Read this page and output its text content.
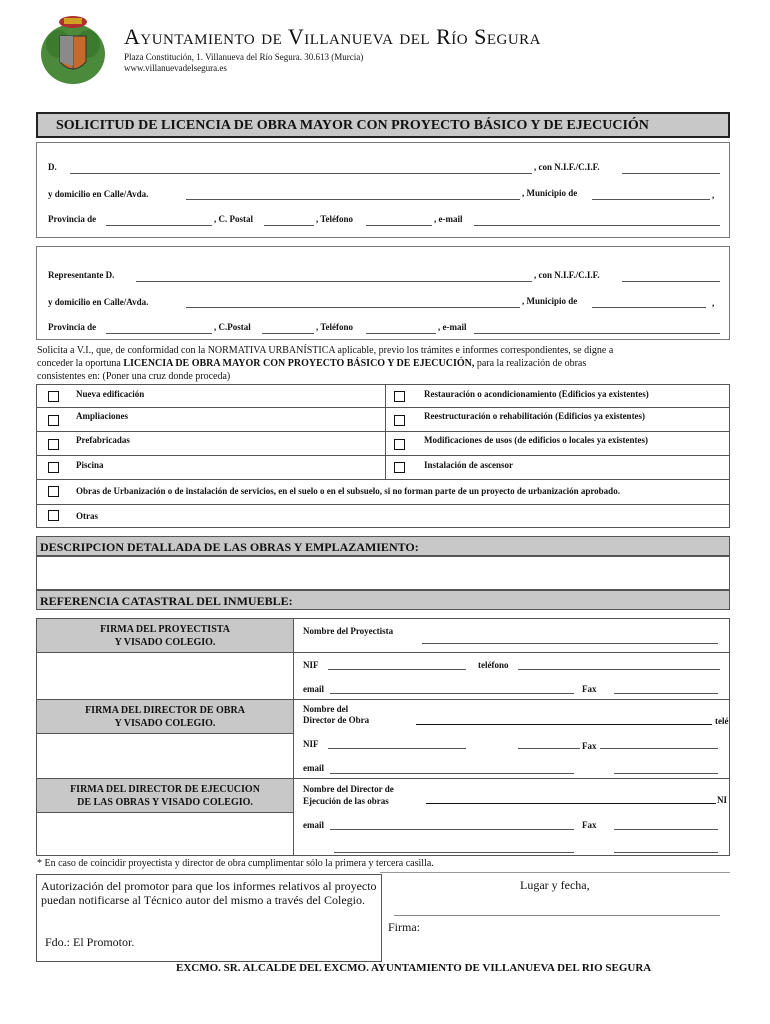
Ayuntamiento de Villanueva del Río Segura
Plaza Constitución, 1. Villanueva del Río Segura. 30.613 (Murcia)
www.villanuevadelsegura.es
SOLICITUD DE LICENCIA DE OBRA MAYOR CON PROYECTO BÁSICO Y DE EJECUCIÓN
D.	, con N.I.F./C.I.F.
y domicilio en Calle/Avda.	, Municipio de	,
Provincia de	, C. Postal	, Teléfono	, e-mail
Representante D.	, con N.I.F./C.I.F.
y domicilio en Calle/Avda.	, Municipio de	,
Provincia de	, C.Postal	, Teléfono	, e-mail
Solicita a V.I., que, de conformidad con la NORMATIVA URBANÍSTICA aplicable, previo los trámites e informes correspondientes, se digne a
conceder la oportuna LICENCIA DE OBRA MAYOR CON PROYECTO BÁSICO Y DE EJECUCIÓN, para la realización de obras
consistentes en: (Poner una cruz donde proceda)
Nueva edificación	Restauración o acondicionamiento (Edificios ya existentes)
Ampliaciones	Reestructuración o rehabilitación (Edificios ya existentes)
Prefabricadas	Modificaciones de usos (de edificios o locales ya existentes)
Piscina	Instalación de ascensor
Obras de Urbanización o de instalación de servicios, en el suelo o en el subsuelo, si no forman parte de un proyecto de urbanización aprobado.
Otras
DESCRIPCION DETALLADA DE LAS OBRAS Y EMPLAZAMIENTO:
REFERENCIA CATASTRAL DEL INMUEBLE:
FIRMA DEL PROYECTISTA
Y VISADO COLEGIO.
Nombre del Proyectista
NIF	teléfono
email	Fax
FIRMA DEL DIRECTOR DE OBRA
Y VISADO COLEGIO.
Nombre del
Director de Obra	telé
NIF	Fax
email
FIRMA DEL DIRECTOR DE EJECUCION
DE LAS OBRAS Y VISADO COLEGIO.
Nombre del Director de
Ejecución de las obras	NI
email	Fax
* En caso de coincidir proyectista y director de obra cumplimentar sólo la primera y tercera casilla.
Autorización del promotor para que los informes relativos al proyecto puedan notificarse al Técnico autor del mismo a través del Colegio.
Fdo.: El Promotor.
Lugar y fecha,
Firma:
EXCMO. SR. ALCALDE DEL EXCMO. AYUNTAMIENTO DE VILLANUEVA DEL RIO SEGURA
